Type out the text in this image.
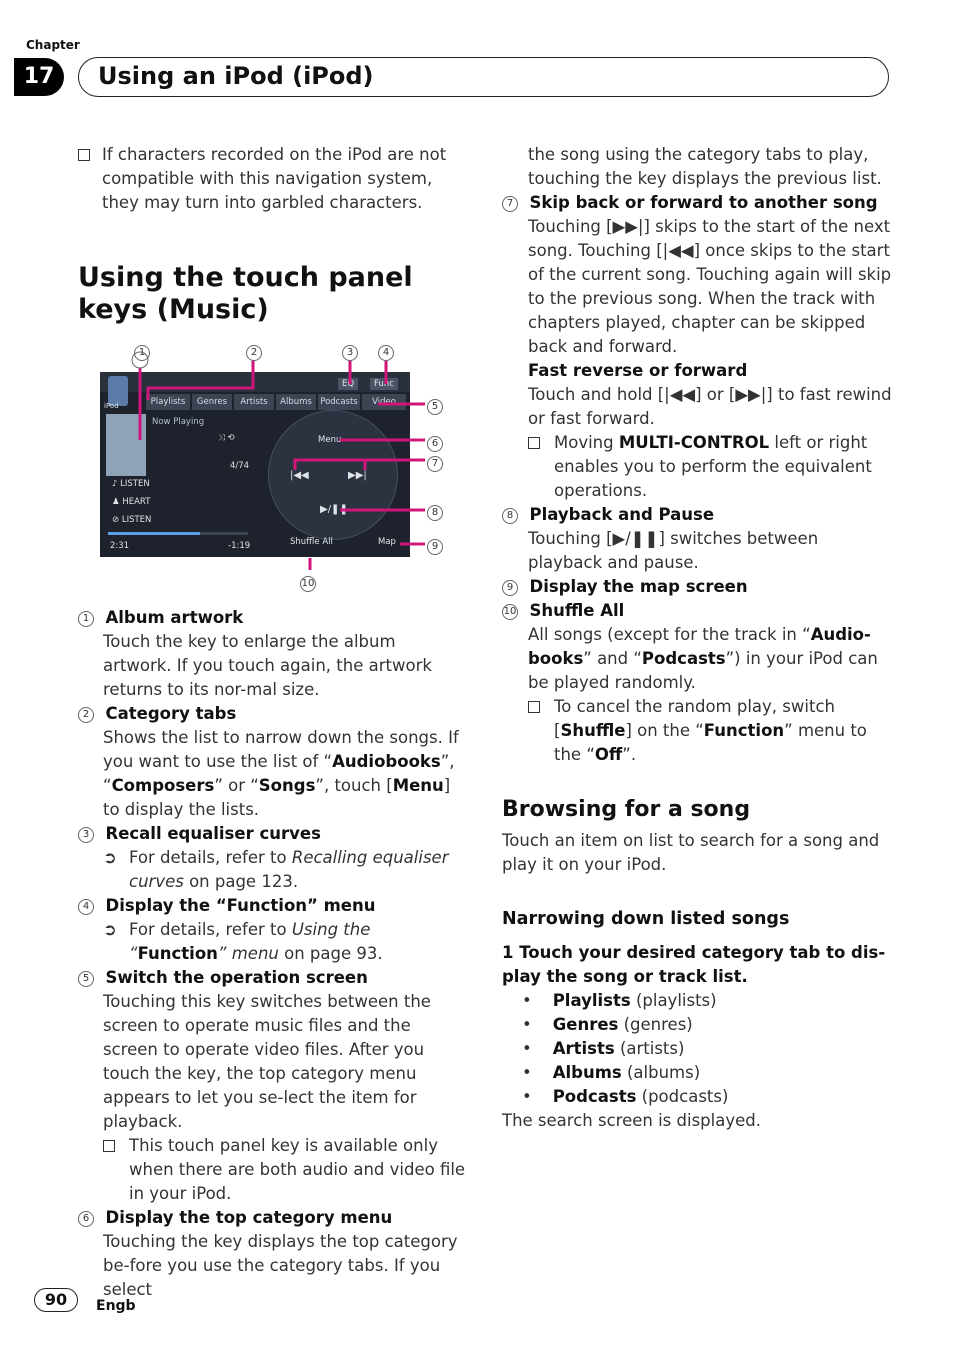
Chapter
17	Using an iPod (iPod)
If characters recorded on the iPod are not compatible with this navigation system, they may turn into garbled characters.
Using the touch panel keys (Music)
iPod	Playlists	Genres	Artists	Albums Podcasts	Video
EQ	Func
Now Playing
⤨ ⟲
4/74
♪ LISTEN
♟ HEART
⊘ LISTEN
2:31	-1:19
Menu
|◀◀	▶▶|
▶/❚❚
Shuffle All	Map
1	2	3	4
5
6
7
8
9
10
1 Album artwork
Touch the key to enlarge the album artwork. If you touch again, the artwork returns to its nor-mal size.
2 Category tabs
Shows the list to narrow down the songs. If you want to use the list of “Audiobooks”, “Composers” or “Songs”, touch [Menu] to display the lists.
3 Recall equaliser curves
➲ For details, refer to Recalling equaliser curves on page 123.
4 Display the “Function” menu
➲ For details, refer to Using the “Function” menu on page 93.
5 Switch the operation screen
Touching this key switches between the screen to operate music files and the screen to operate video files. After you touch the key, the top category menu appears to let you se-lect the item for playback.
This touch panel key is available only when there are both audio and video file in your iPod.
6 Display the top category menu
Touching the key displays the top category be-fore you use the category tabs. If you select
the song using the category tabs to play, touching the key displays the previous list.
7 Skip back or forward to another song
Touching [▶▶|] skips to the start of the next song. Touching [|◀◀] once skips to the start of the current song. Touching again will skip to the previous song. When the track with chapters played, chapter can be skipped back and forward.
Fast reverse or forward
Touch and hold [|◀◀] or [▶▶|] to fast rewind or fast forward.
Moving MULTI-CONTROL left or right enables you to perform the equivalent operations.
8 Playback and Pause
Touching [▶/❚❚] switches between playback and pause.
9 Display the map screen
10 Shuffle All
All songs (except for the track in “Audio-books” and “Podcasts”) in your iPod can be played randomly.
To cancel the random play, switch [Shuffle] on the “Function” menu to the “Off”.
Browsing for a song
Touch an item on list to search for a song and play it on your iPod.
Narrowing down listed songs
1 Touch your desired category tab to dis-play the song or track list.
•    Playlists (playlists)
•    Genres (genres)
•    Artists (artists)
•    Albums (albums)
•    Podcasts (podcasts)
The search screen is displayed.
90	Engb
